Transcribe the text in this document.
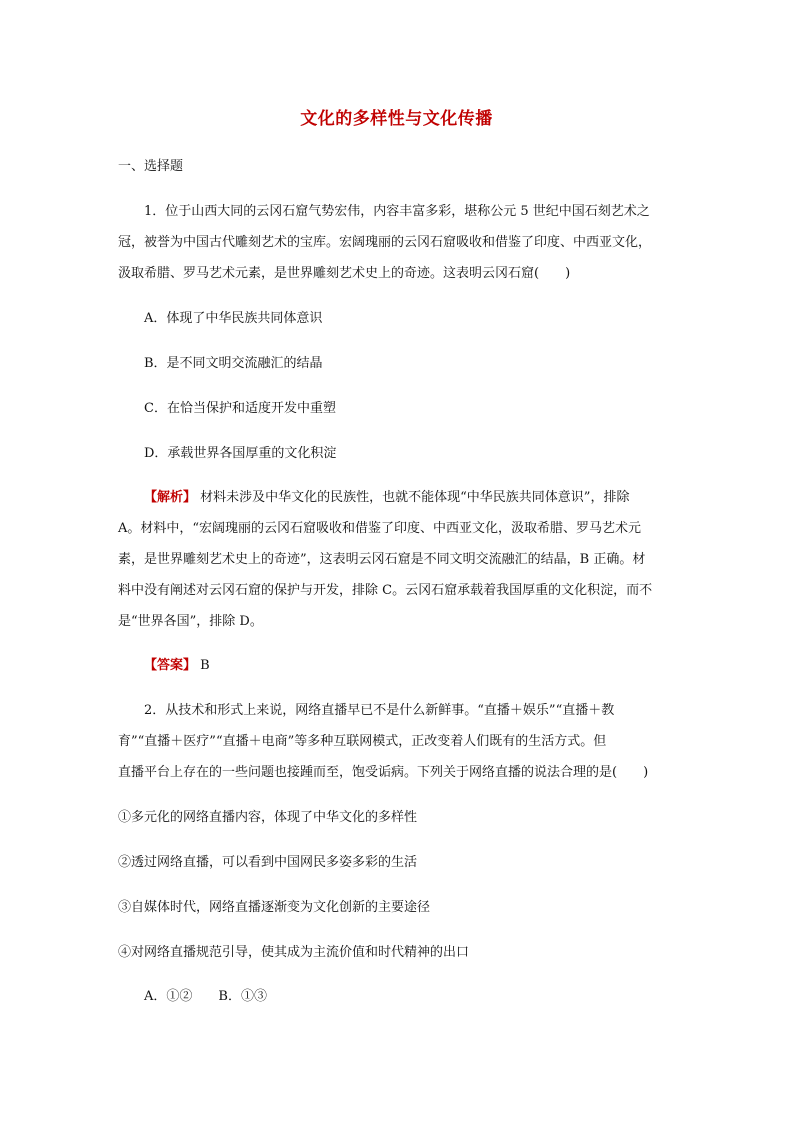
文化的多样性与文化传播
一、选择题
1．位于山西大同的云冈石窟气势宏伟，内容丰富多彩，堪称公元 5 世纪中国石刻艺术之
冠，被誉为中国古代雕刻艺术的宝库。宏阔瑰丽的云冈石窟吸收和借鉴了印度、中西亚文化，
汲取希腊、罗马艺术元素，是世界雕刻艺术史上的奇迹。这表明云冈石窟(　　)
A．体现了中华民族共同体意识
B．是不同文明交流融汇的结晶
C．在恰当保护和适度开发中重塑
D．承载世界各国厚重的文化积淀
【解析】 材料未涉及中华文化的民族性，也就不能体现“中华民族共同体意识”，排除
A。材料中，“宏阔瑰丽的云冈石窟吸收和借鉴了印度、中西亚文化，汲取希腊、罗马艺术元
素，是世界雕刻艺术史上的奇迹”，这表明云冈石窟是不同文明交流融汇的结晶，B 正确。材
料中没有阐述对云冈石窟的保护与开发，排除 C。云冈石窟承载着我国厚重的文化积淀，而不
是“世界各国”，排除 D。
【答案】 B
2．从技术和形式上来说，网络直播早已不是什么新鲜事。“直播＋娱乐”“直播＋教
育”“直播＋医疗”“直播＋电商”等多种互联网模式，正改变着人们既有的生活方式。但
直播平台上存在的一些问题也接踵而至，饱受诟病。下列关于网络直播的说法合理的是(　　)
①多元化的网络直播内容，体现了中华文化的多样性
②透过网络直播，可以看到中国网民多姿多彩的生活
③自媒体时代，网络直播逐渐变为文化创新的主要途径
④对网络直播规范引导，使其成为主流价值和时代精神的出口
A．①②　　B．①③
